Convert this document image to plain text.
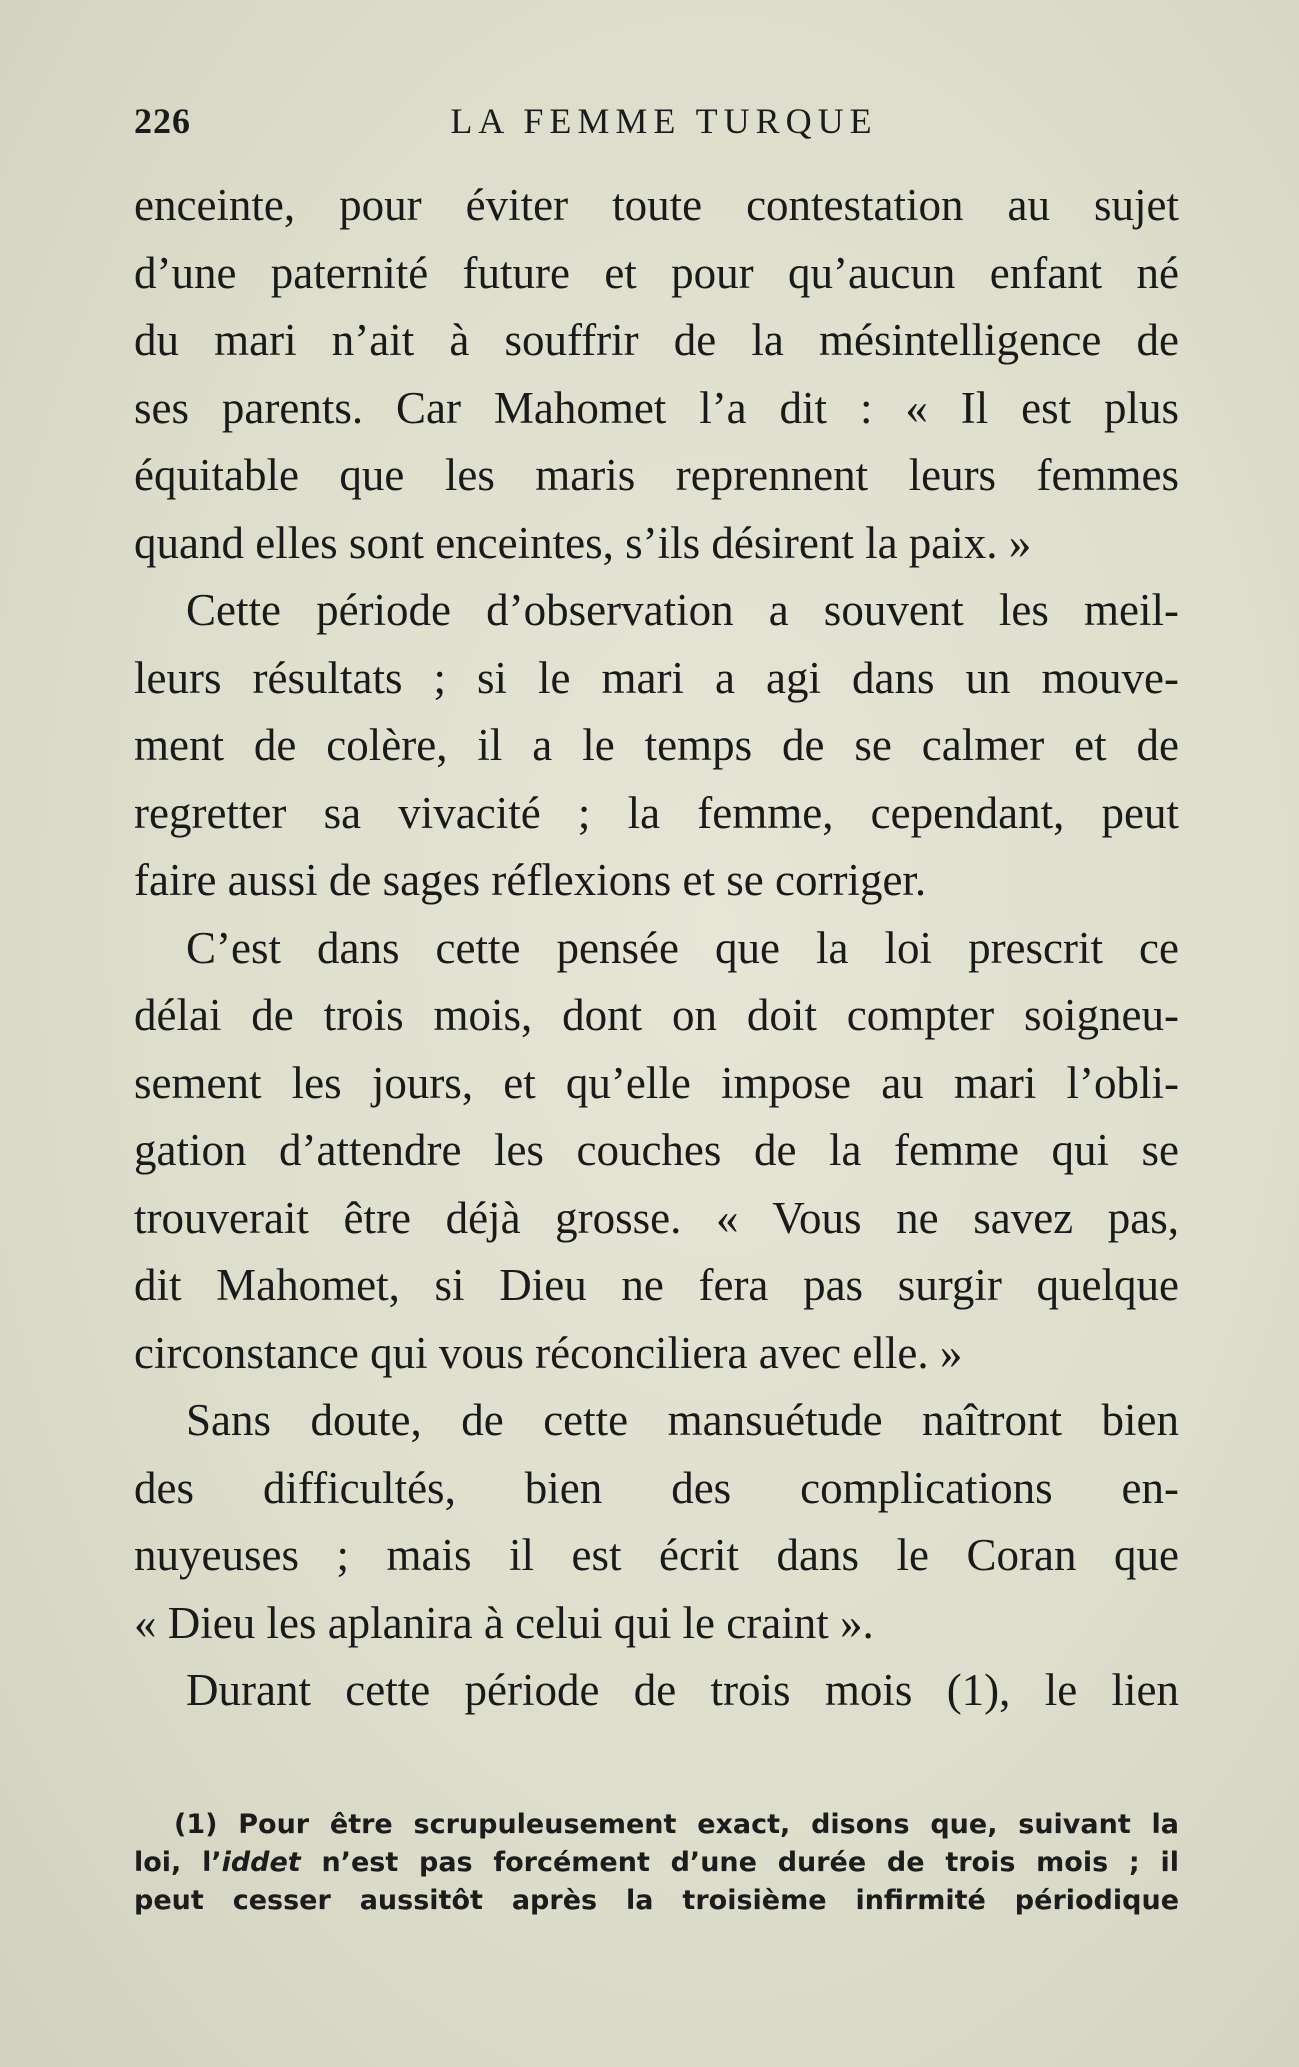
226	LA FEMME TURQUE
enceinte, pour éviter toute contestation au sujet
d’une paternité future et pour qu’aucun enfant né
du mari n’ait à souffrir de la mésintelligence de
ses parents. Car Mahomet l’a dit : « Il est plus
équitable que les maris reprennent leurs femmes
quand elles sont enceintes, s’ils désirent la paix. »
Cette période d’observation a souvent les meil-
leurs résultats ; si le mari a agi dans un mouve-
ment de colère, il a le temps de se calmer et de
regretter sa vivacité ; la femme, cependant, peut
faire aussi de sages réflexions et se corriger.
C’est dans cette pensée que la loi prescrit ce
délai de trois mois, dont on doit compter soigneu-
sement les jours, et qu’elle impose au mari l’obli-
gation d’attendre les couches de la femme qui se
trouverait être déjà grosse. « Vous ne savez pas,
dit Mahomet, si Dieu ne fera pas surgir quelque
circonstance qui vous réconciliera avec elle. »
Sans doute, de cette mansuétude naîtront bien
des difficultés, bien des complications en-
nuyeuses ; mais il est écrit dans le Coran que
« Dieu les aplanira à celui qui le craint ».
Durant cette période de trois mois (1), le lien
(1) Pour être scrupuleusement exact, disons que, suivant la
loi, l’iddet n’est pas forcément d’une durée de trois mois ; il
peut cesser aussitôt après la troisième infirmité périodique
